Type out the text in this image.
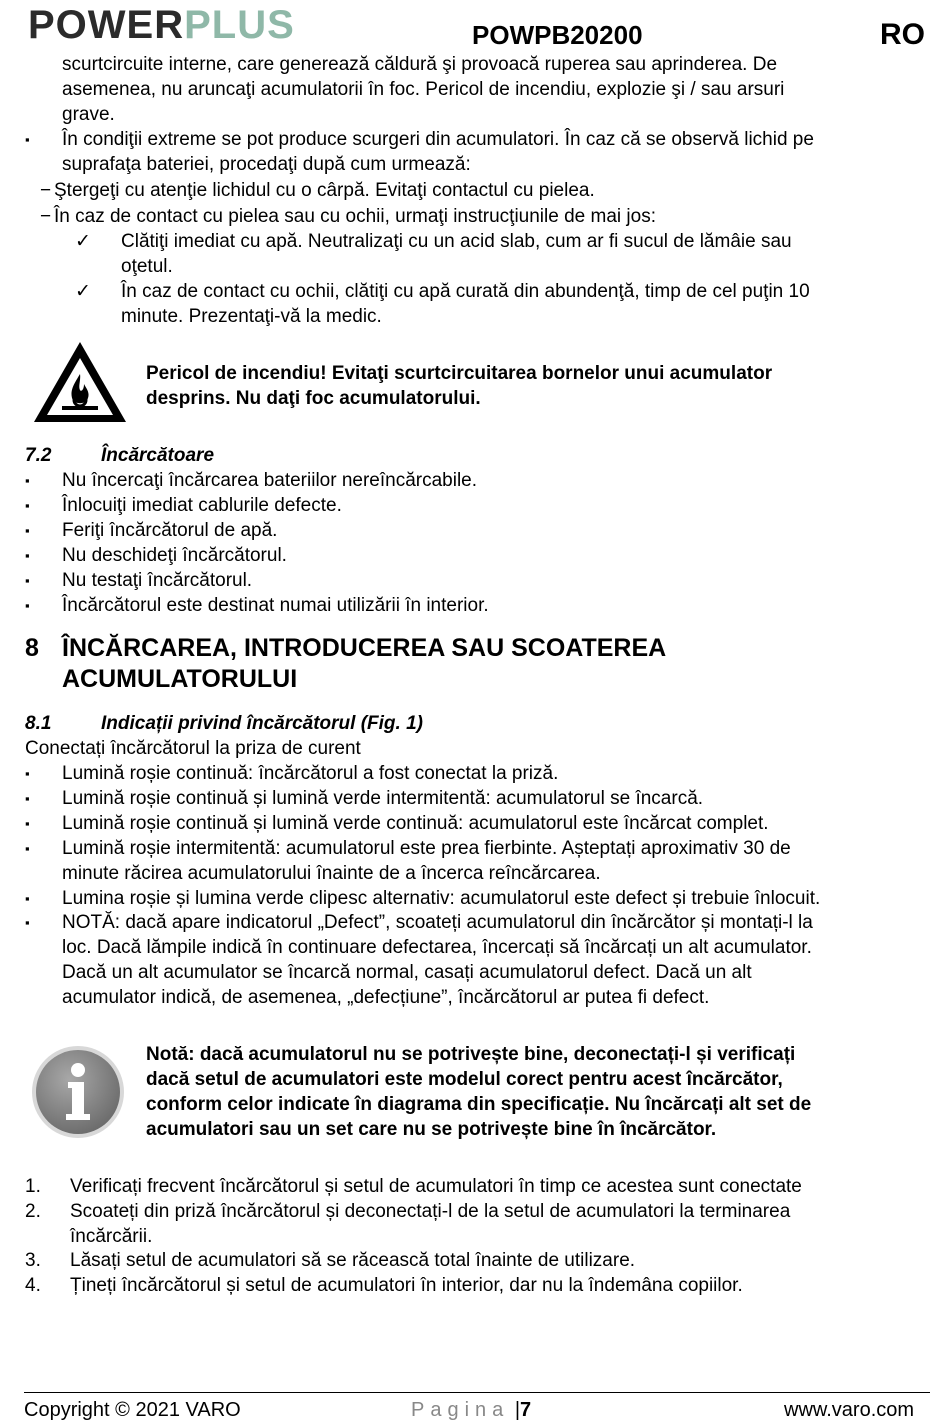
POWERPLUS	POWPB20200	RO
scurtcircuite interne, care generează căldură şi provoacă ruperea sau aprinderea. De
asemenea, nu aruncaţi acumulatorii în foc. Pericol de incendiu, explozie şi / sau arsuri
grave.
▪ În condiţii extreme se pot produce scurgeri din acumulatori. În caz că se observă lichid pe
suprafaţa bateriei, procedaţi după cum urmează:
− Ştergeţi cu atenţie lichidul cu o cârpă. Evitaţi contactul cu pielea.
− În caz de contact cu pielea sau cu ochii, urmaţi instrucţiunile de mai jos:
✓ Clătiţi imediat cu apă. Neutralizaţi cu un acid slab, cum ar fi sucul de lămâie sau
oţetul.
✓ În caz de contact cu ochii, clătiţi cu apă curată din abundenţă, timp de cel puţin 10
minute. Prezentaţi-vă la medic.
Pericol de incendiu! Evitaţi scurtcircuitarea bornelor unui acumulator
desprins. Nu daţi foc acumulatorului.
7.2	Încărcătoare
▪ Nu încercaţi încărcarea bateriilor nereîncărcabile.
▪ Înlocuiţi imediat cablurile defecte.
▪ Feriţi încărcătorul de apă.
▪ Nu deschideţi încărcătorul.
▪ Nu testaţi încărcătorul.
▪ Încărcătorul este destinat numai utilizării în interior.
8 ÎNCĂRCAREA, INTRODUCEREA SAU SCOATEREA
ACUMULATORULUI
8.1	Indicații privind încărcătorul (Fig. 1)
Conectați încărcătorul la priza de curent
▪ Lumină roșie continuă: încărcătorul a fost conectat la priză.
▪ Lumină roșie continuă și lumină verde intermitentă: acumulatorul se încarcă.
▪ Lumină roșie continuă și lumină verde continuă: acumulatorul este încărcat complet.
▪ Lumină roșie intermitentă: acumulatorul este prea fierbinte. Așteptați aproximativ 30 de
minute răcirea acumulatorului înainte de a încerca reîncărcarea.
▪ Lumina roșie și lumina verde clipesc alternativ: acumulatorul este defect și trebuie înlocuit.
▪ NOTĂ: dacă apare indicatorul „Defect”, scoateți acumulatorul din încărcător și montați-l la
loc. Dacă lămpile indică în continuare defectarea, încercați să încărcați un alt acumulator.
Dacă un alt acumulator se încarcă normal, casați acumulatorul defect. Dacă un alt
acumulator indică, de asemenea, „defecțiune”, încărcătorul ar putea fi defect.
Notă: dacă acumulatorul nu se potrivește bine, deconectați-l și verificați
dacă setul de acumulatori este modelul corect pentru acest încărcător,
conform celor indicate în diagrama din specificație. Nu încărcați alt set de
acumulatori sau un set care nu se potrivește bine în încărcător.
1. Verificați frecvent încărcătorul și setul de acumulatori în timp ce acestea sunt conectate
2. Scoateți din priză încărcătorul și deconectați-l de la setul de acumulatori la terminarea
încărcării.
3. Lăsați setul de acumulatori să se răcească total înainte de utilizare.
4. Țineți încărcătorul și setul de acumulatori în interior, dar nu la îndemâna copiilor.
Copyright © 2021 VARO	Pagina |7	www.varo.com
